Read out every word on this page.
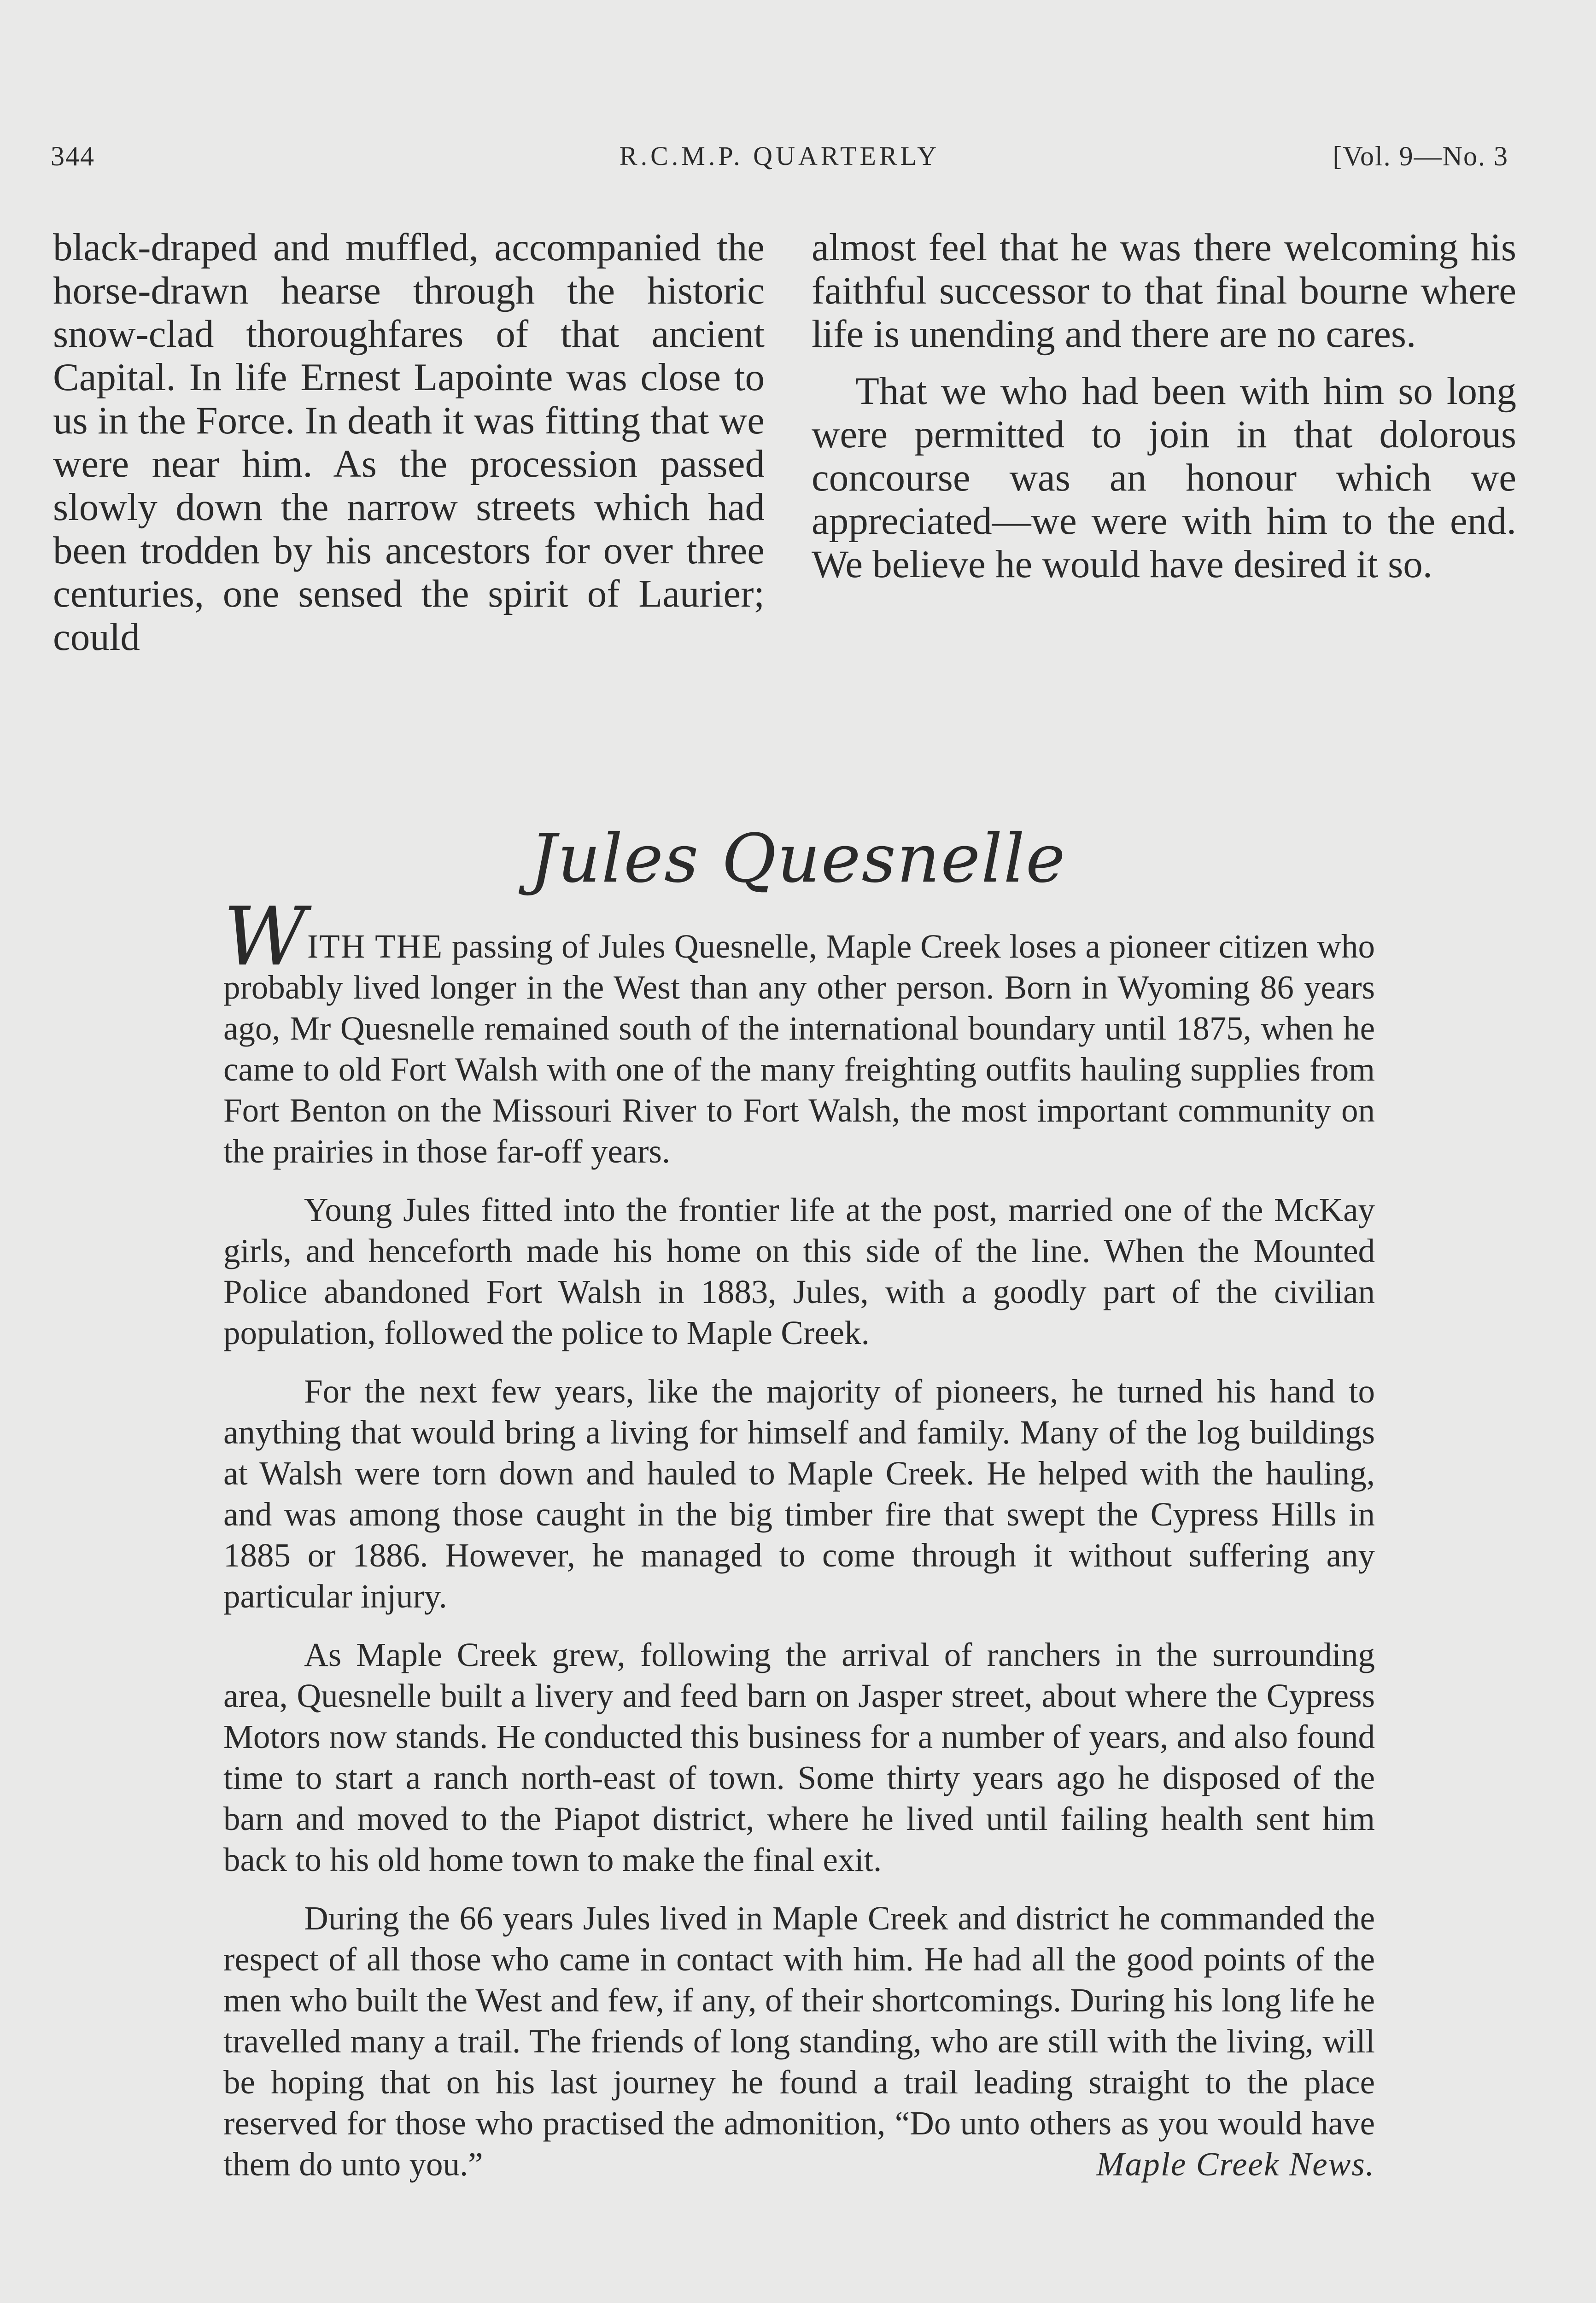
344	R.C.M.P. QUARTERLY	[Vol. 9—No. 3

black-draped and muffled, accompanied the horse-drawn hearse through the historic snow-clad thoroughfares of that ancient Capital. In life Ernest Lapointe was close to us in the Force. In death it was fitting that we were near him. As the procession passed slowly down the narrow streets which had been trodden by his ancestors for over three centuries, one sensed the spirit of Laurier; could

almost feel that he was there welcoming his faithful successor to that final bourne where life is unending and there are no cares.

That we who had been with him so long were permitted to join in that dolorous concourse was an honour which we appreciated—we were with him to the end. We believe he would have desired it so.

Jules Quesnelle

WITH THE passing of Jules Quesnelle, Maple Creek loses a pioneer citizen who probably lived longer in the West than any other person. Born in Wyoming 86 years ago, Mr Quesnelle remained south of the international boundary until 1875, when he came to old Fort Walsh with one of the many freighting outfits hauling supplies from Fort Benton on the Missouri River to Fort Walsh, the most important community on the prairies in those far-off years.

Young Jules fitted into the frontier life at the post, married one of the McKay girls, and henceforth made his home on this side of the line. When the Mounted Police abandoned Fort Walsh in 1883, Jules, with a goodly part of the civilian population, followed the police to Maple Creek.

For the next few years, like the majority of pioneers, he turned his hand to anything that would bring a living for himself and family. Many of the log buildings at Walsh were torn down and hauled to Maple Creek. He helped with the hauling, and was among those caught in the big timber fire that swept the Cypress Hills in 1885 or 1886. However, he managed to come through it without suffering any particular injury.

As Maple Creek grew, following the arrival of ranchers in the surrounding area, Quesnelle built a livery and feed barn on Jasper street, about where the Cypress Motors now stands. He conducted this business for a number of years, and also found time to start a ranch north-east of town. Some thirty years ago he disposed of the barn and moved to the Piapot district, where he lived until failing health sent him back to his old home town to make the final exit.

During the 66 years Jules lived in Maple Creek and district he commanded the respect of all those who came in contact with him. He had all the good points of the men who built the West and few, if any, of their shortcomings. During his long life he travelled many a trail. The friends of long standing, who are still with the living, will be hoping that on his last journey he found a trail leading straight to the place reserved for those who practised the admonition, “Do unto others as you would have them do unto you.”	Maple Creek News.
